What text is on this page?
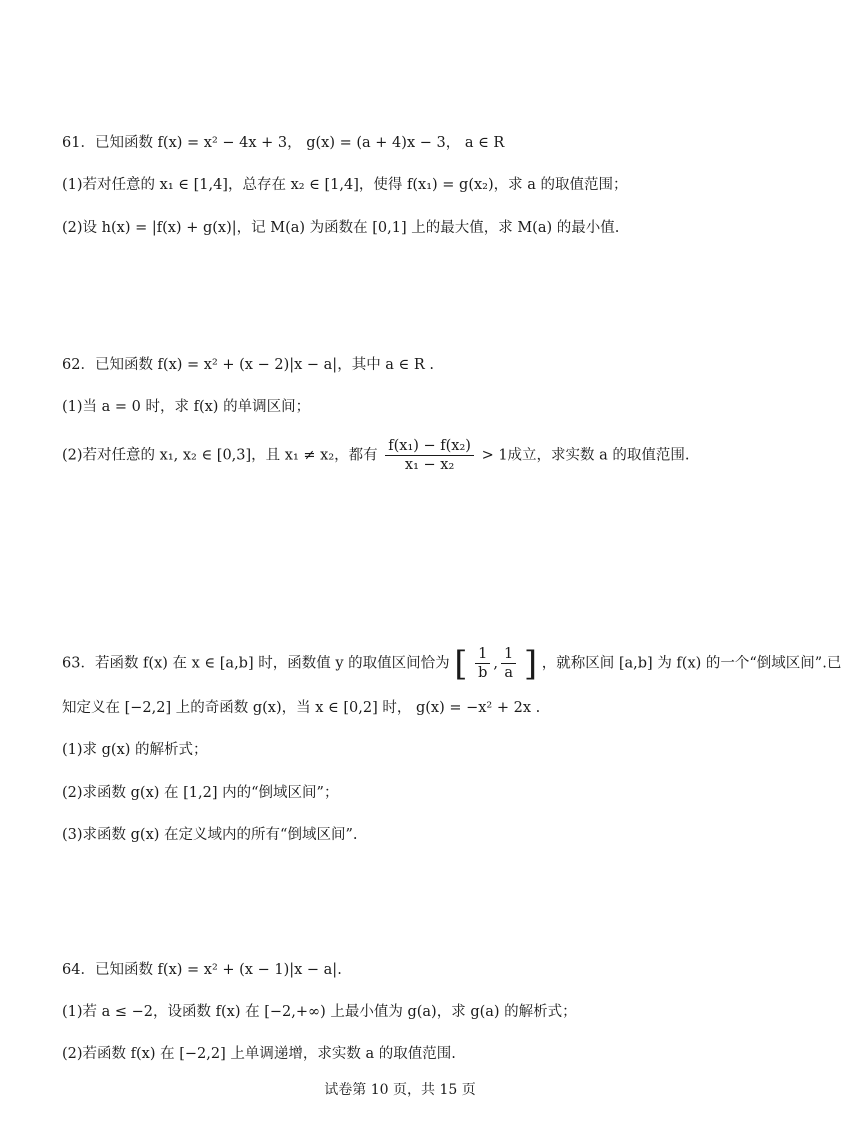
61．已知函数 f(x) = x² − 4x + 3， g(x) = (a + 4)x − 3， a ∈ R
(1)若对任意的 x₁ ∈ [1,4]，总存在 x₂ ∈ [1,4]，使得 f(x₁) = g(x₂)，求 a 的取值范围；
(2)设 h(x) = |f(x) + g(x)|，记 M(a) 为函数在 [0,1] 上的最大值，求 M(a) 的最小值.
62．已知函数 f(x) = x² + (x − 2)|x − a|，其中 a ∈ R .
(1)当 a = 0 时，求 f(x) 的单调区间；
(2)若对任意的 x₁, x₂ ∈ [0,3]，且 x₁ ≠ x₂，都有 $\frac{\text{f(x₁) − f(x₂)}}{\text{x₁ − x₂}} > 1$成立，求实数 a 的取值范围.
63．若函数 f(x) 在 x ∈ [a,b] 时，函数值 y 的取值区间恰为 [ $\frac{1}{b}$ , $\frac{1}{a}$ ] ，就称区间 [a,b] 为 f(x) 的一个“倒域区间”.已
知定义在 [−2,2] 上的奇函数 g(x)，当 x ∈ [0,2] 时， g(x) = −x² + 2x .
(1)求 g(x) 的解析式；
(2)求函数 g(x) 在 [1,2] 内的“倒域区间”；
(3)求函数 g(x) 在定义域内的所有“倒域区间”.
64．已知函数 f(x) = x² + (x − 1)|x − a|.
(1)若 a ≤ −2，设函数 f(x) 在 [−2,+∞) 上最小值为 g(a)，求 g(a) 的解析式；
(2)若函数 f(x) 在 [−2,2] 上单调递增，求实数 a 的取值范围.
试卷第 10 页，共 15 页
